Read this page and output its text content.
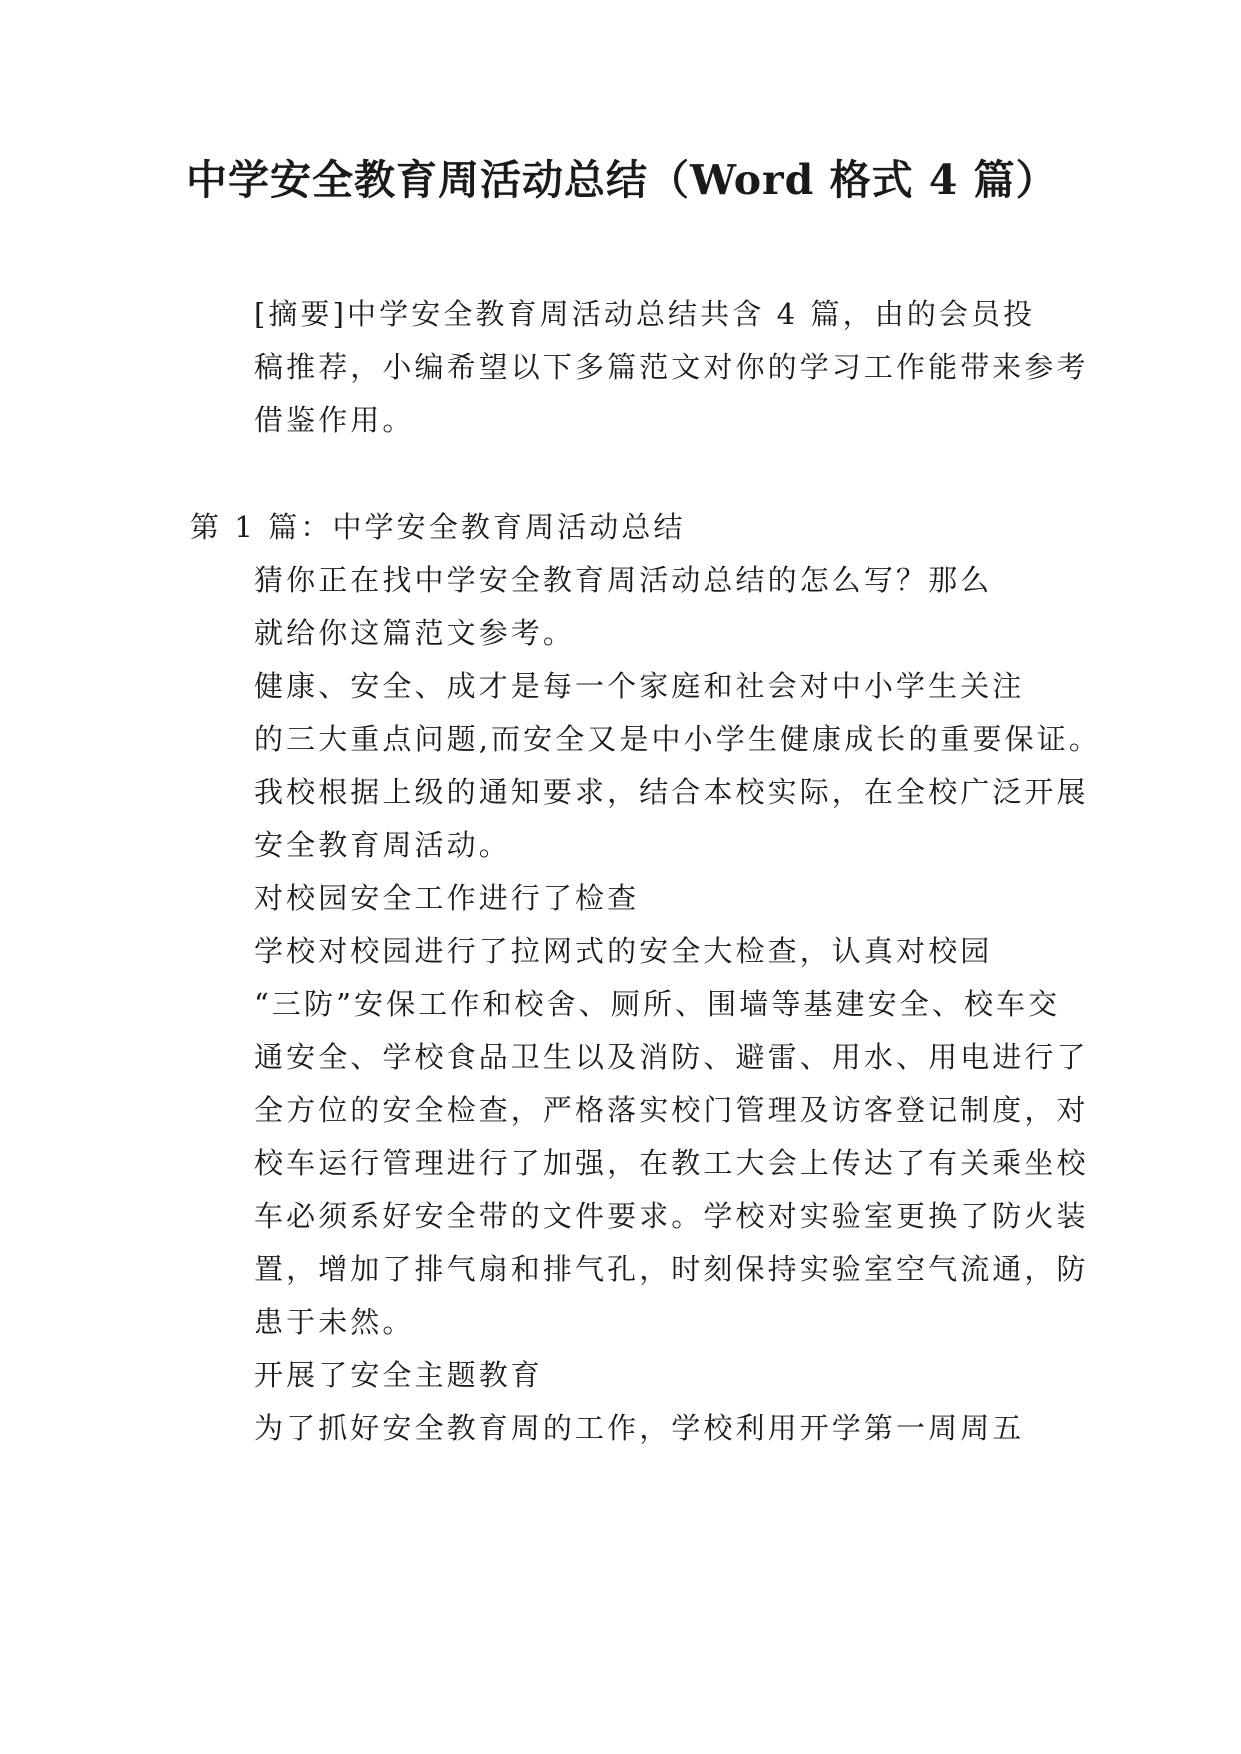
中学安全教育周活动总结（Word 格式 4 篇）

[摘要]中学安全教育周活动总结共含 4 篇，由的会员投
稿推荐，小编希望以下多篇范文对你的学习工作能带来参考
借鉴作用。

第 1 篇：中学安全教育周活动总结

猜你正在找中学安全教育周活动总结的怎么写？那么
就给你这篇范文参考。

健康、安全、成才是每一个家庭和社会对中小学生关注
的三大重点问题,而安全又是中小学生健康成长的重要保证。
我校根据上级的通知要求，结合本校实际，在全校广泛开展
安全教育周活动。

对校园安全工作进行了检查

学校对校园进行了拉网式的安全大检查，认真对校园
“三防”安保工作和校舍、厕所、围墙等基建安全、校车交
通安全、学校食品卫生以及消防、避雷、用水、用电进行了
全方位的安全检查，严格落实校门管理及访客登记制度，对
校车运行管理进行了加强，在教工大会上传达了有关乘坐校
车必须系好安全带的文件要求。学校对实验室更换了防火装
置，增加了排气扇和排气孔，时刻保持实验室空气流通，防
患于未然。

开展了安全主题教育

为了抓好安全教育周的工作，学校利用开学第一周周五
